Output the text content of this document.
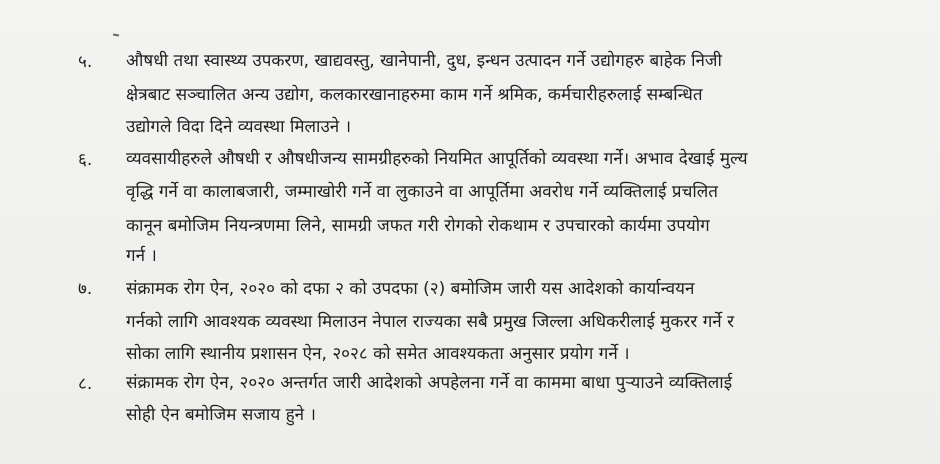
५. औषधी तथा स्वास्थ्य उपकरण, खाद्यवस्तु, खानेपानी, दुध, इन्धन उत्पादन गर्ने उद्योगहरु बाहेक निजी
क्षेत्रबाट सञ्चालित अन्य उद्योग, कलकारखानाहरुमा काम गर्ने श्रमिक, कर्मचारीहरुलाई सम्बन्धित
उद्योगले विदा दिने व्यवस्था मिलाउने ।
६. व्यवसायीहरुले औषधी र औषधीजन्य सामग्रीहरुको नियमित आपूर्तिको व्यवस्था गर्ने। अभाव देखाई मुल्य
वृद्धि गर्ने वा कालाबजारी, जम्माखोरी गर्ने वा लुकाउने वा आपूर्तिमा अवरोध गर्ने व्यक्तिलाई प्रचलित
कानून बमोजिम नियन्त्रणमा लिने, सामग्री जफत गरी रोगको रोकथाम र उपचारको कार्यमा उपयोग
गर्न ।
७. संक्रामक रोग ऐन, २०२० को दफा २ को उपदफा (२) बमोजिम जारी यस आदेशको कार्यान्वयन
गर्नको लागि आवश्यक व्यवस्था मिलाउन नेपाल राज्यका सबै प्रमुख जिल्ला अधिकरीलाई मुकरर गर्ने र
सोका लागि स्थानीय प्रशासन ऐन, २०२८ को समेत आवश्यकता अनुसार प्रयोग गर्ने ।
८. संक्रामक रोग ऐन, २०२० अन्तर्गत जारी आदेशको अपहेलना गर्ने वा काममा बाधा पुऱ्याउने व्यक्तिलाई
सोही ऐन बमोजिम सजाय हुने ।
